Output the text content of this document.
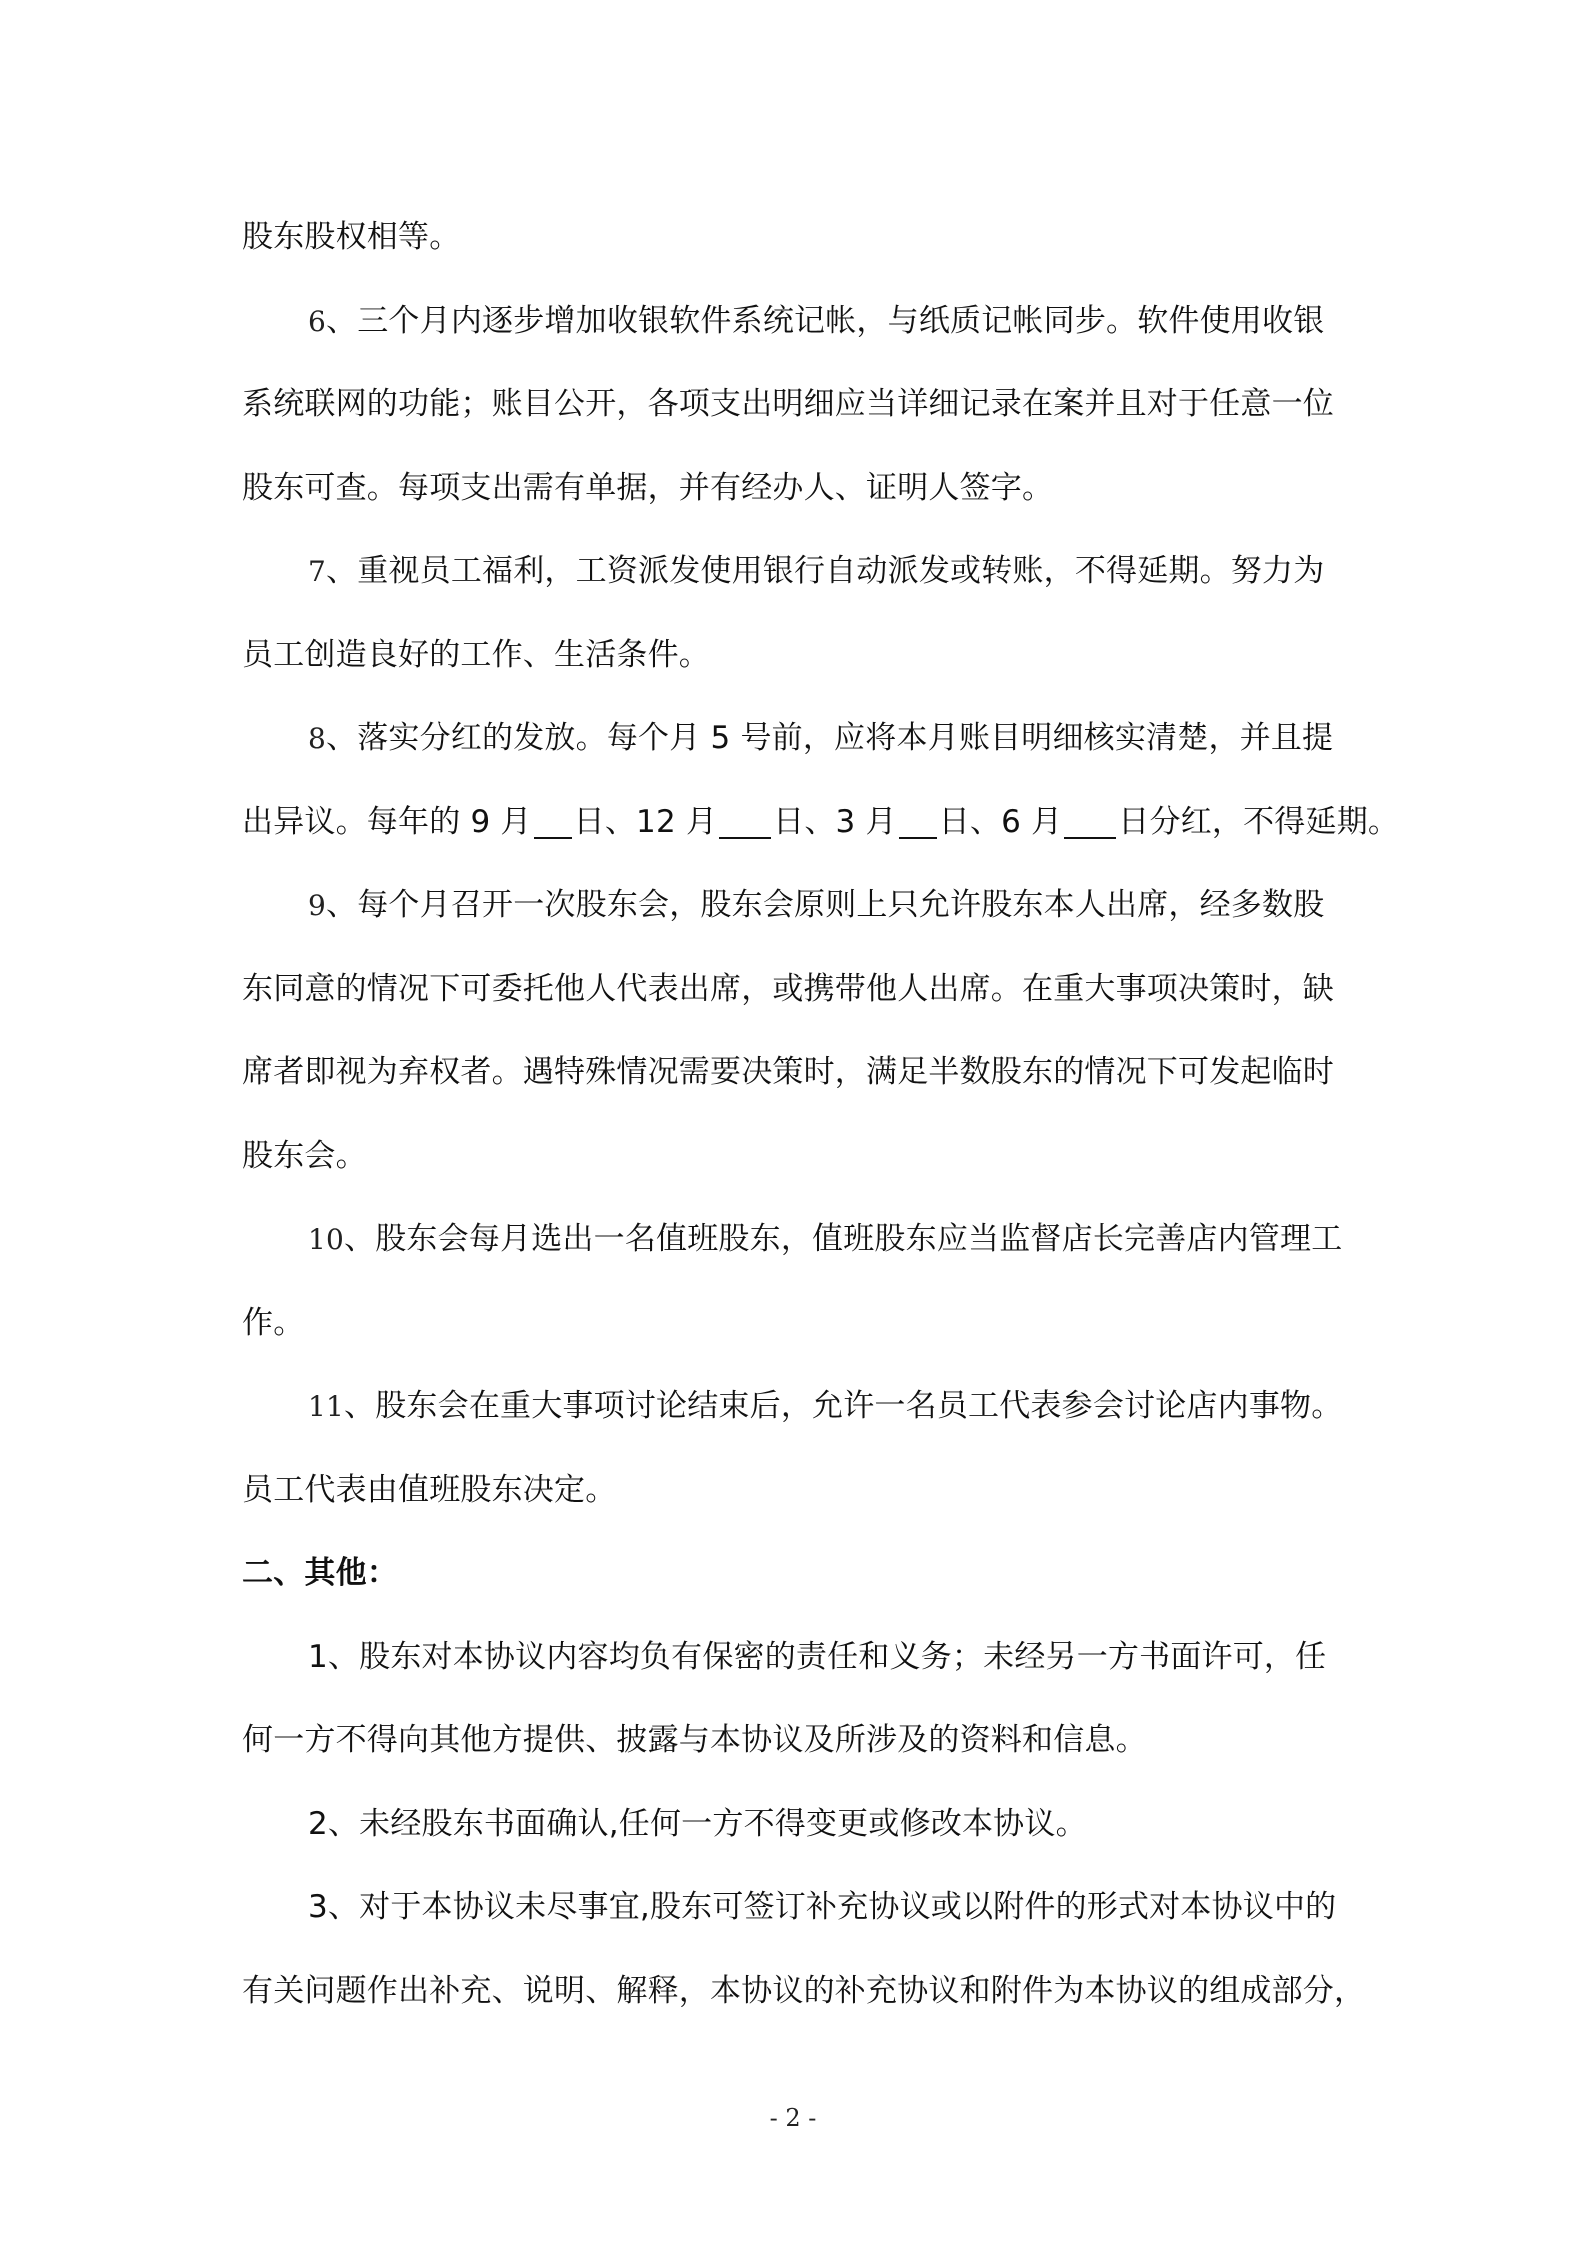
股东股权相等。
6、三个月内逐步增加收银软件系统记帐，与纸质记帐同步。软件使用收银
系统联网的功能；账目公开，各项支出明细应当详细记录在案并且对于任意一位
股东可查。每项支出需有单据，并有经办人、证明人签字。
7、重视员工福利，工资派发使用银行自动派发或转账，不得延期。努力为
员工创造良好的工作、生活条件。
8、落实分红的发放。每个月 5 号前，应将本月账目明细核实清楚，并且提
出异议。每年的 9 月 日、12 月 日、3 月 日、6 月 日分红，不得延期。
9、每个月召开一次股东会，股东会原则上只允许股东本人出席，经多数股
东同意的情况下可委托他人代表出席，或携带他人出席。在重大事项决策时，缺
席者即视为弃权者。遇特殊情况需要决策时，满足半数股东的情况下可发起临时
股东会。
10、股东会每月选出一名值班股东，值班股东应当监督店长完善店内管理工
作。
11、股东会在重大事项讨论结束后，允许一名员工代表参会讨论店内事物。
员工代表由值班股东决定。
二、其他：
1、股东对本协议内容均负有保密的责任和义务；未经另一方书面许可，任
何一方不得向其他方提供、披露与本协议及所涉及的资料和信息。
2、未经股东书面确认,任何一方不得变更或修改本协议。
3、对于本协议未尽事宜,股东可签订补充协议或以附件的形式对本协议中的
有关问题作出补充、说明、解释，本协议的补充协议和附件为本协议的组成部分，
- 2 -
